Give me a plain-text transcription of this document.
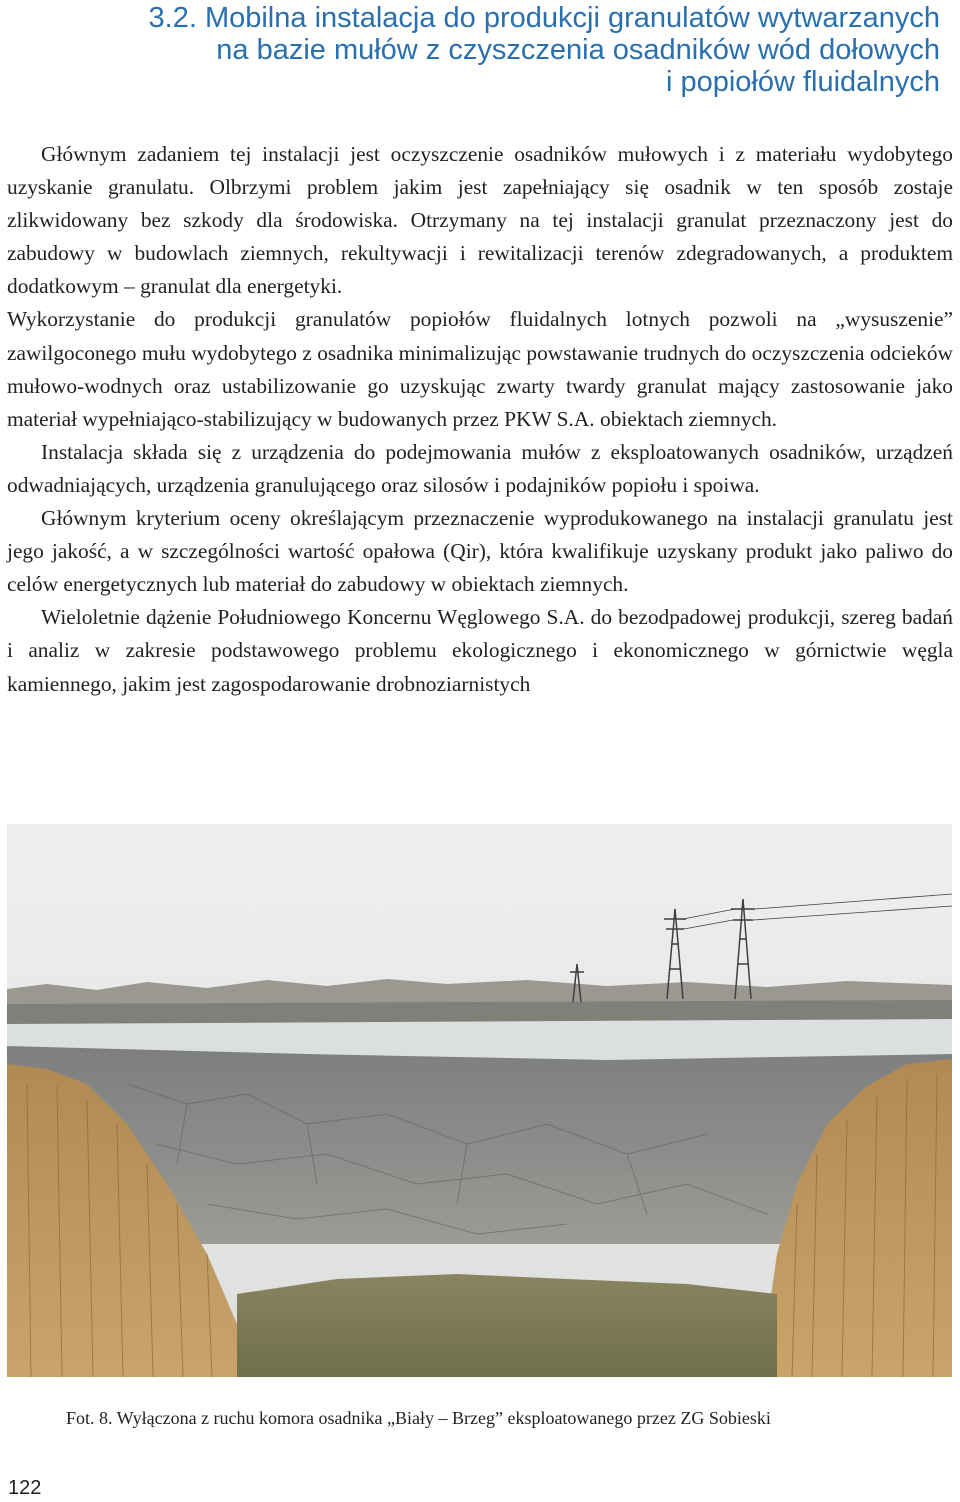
3.2. Mobilna instalacja do produkcji granulatów wytwarzanych
na bazie mułów z czyszczenia osadników wód dołowych
i popiołów fluidalnych

Głównym zadaniem tej instalacji jest oczyszczenie osadników mułowych i z materiału wydobytego uzyskanie granulatu. Olbrzymi problem jakim jest zapełniający się osadnik w ten sposób zostaje zlikwidowany bez szkody dla środowiska. Otrzymany na tej instalacji granulat przeznaczony jest do zabudowy w budowlach ziemnych, rekultywacji i rewitalizacji terenów zdegradowanych, a produktem dodatkowym – granulat dla energetyki.

Wykorzystanie do produkcji granulatów popiołów fluidalnych lotnych pozwoli na „wysuszenie” zawilgoconego mułu wydobytego z osadnika minimalizując powstawanie trudnych do oczyszczenia odcieków mułowo-wodnych oraz ustabilizowanie go uzyskując zwarty twardy granulat mający zastosowanie jako materiał wypełniająco-stabilizujący w budowanych przez PKW S.A. obiektach ziemnych.

Instalacja składa się z urządzenia do podejmowania mułów z eksploatowanych osadników, urządzeń odwadniających, urządzenia granulującego oraz silosów i podajników popiołu i spoiwa.

Głównym kryterium oceny określającym przeznaczenie wyprodukowanego na instalacji granulatu jest jego jakość, a w szczególności wartość opałowa (Qir), która kwalifikuje uzyskany produkt jako paliwo do celów energetycznych lub materiał do zabudowy w obiektach ziemnych.

Wieloletnie dążenie Południowego Koncernu Węglowego S.A. do bezodpadowej produkcji, szereg badań i analiz w zakresie podstawowego problemu ekologicznego i ekonomicznego w górnictwie węgla kamiennego, jakim jest zagospodarowanie drobnoziarnistych

Fot. 8. Wyłączona z ruchu komora osadnika „Biały – Brzeg” eksploatowanego przez ZG Sobieski
122
